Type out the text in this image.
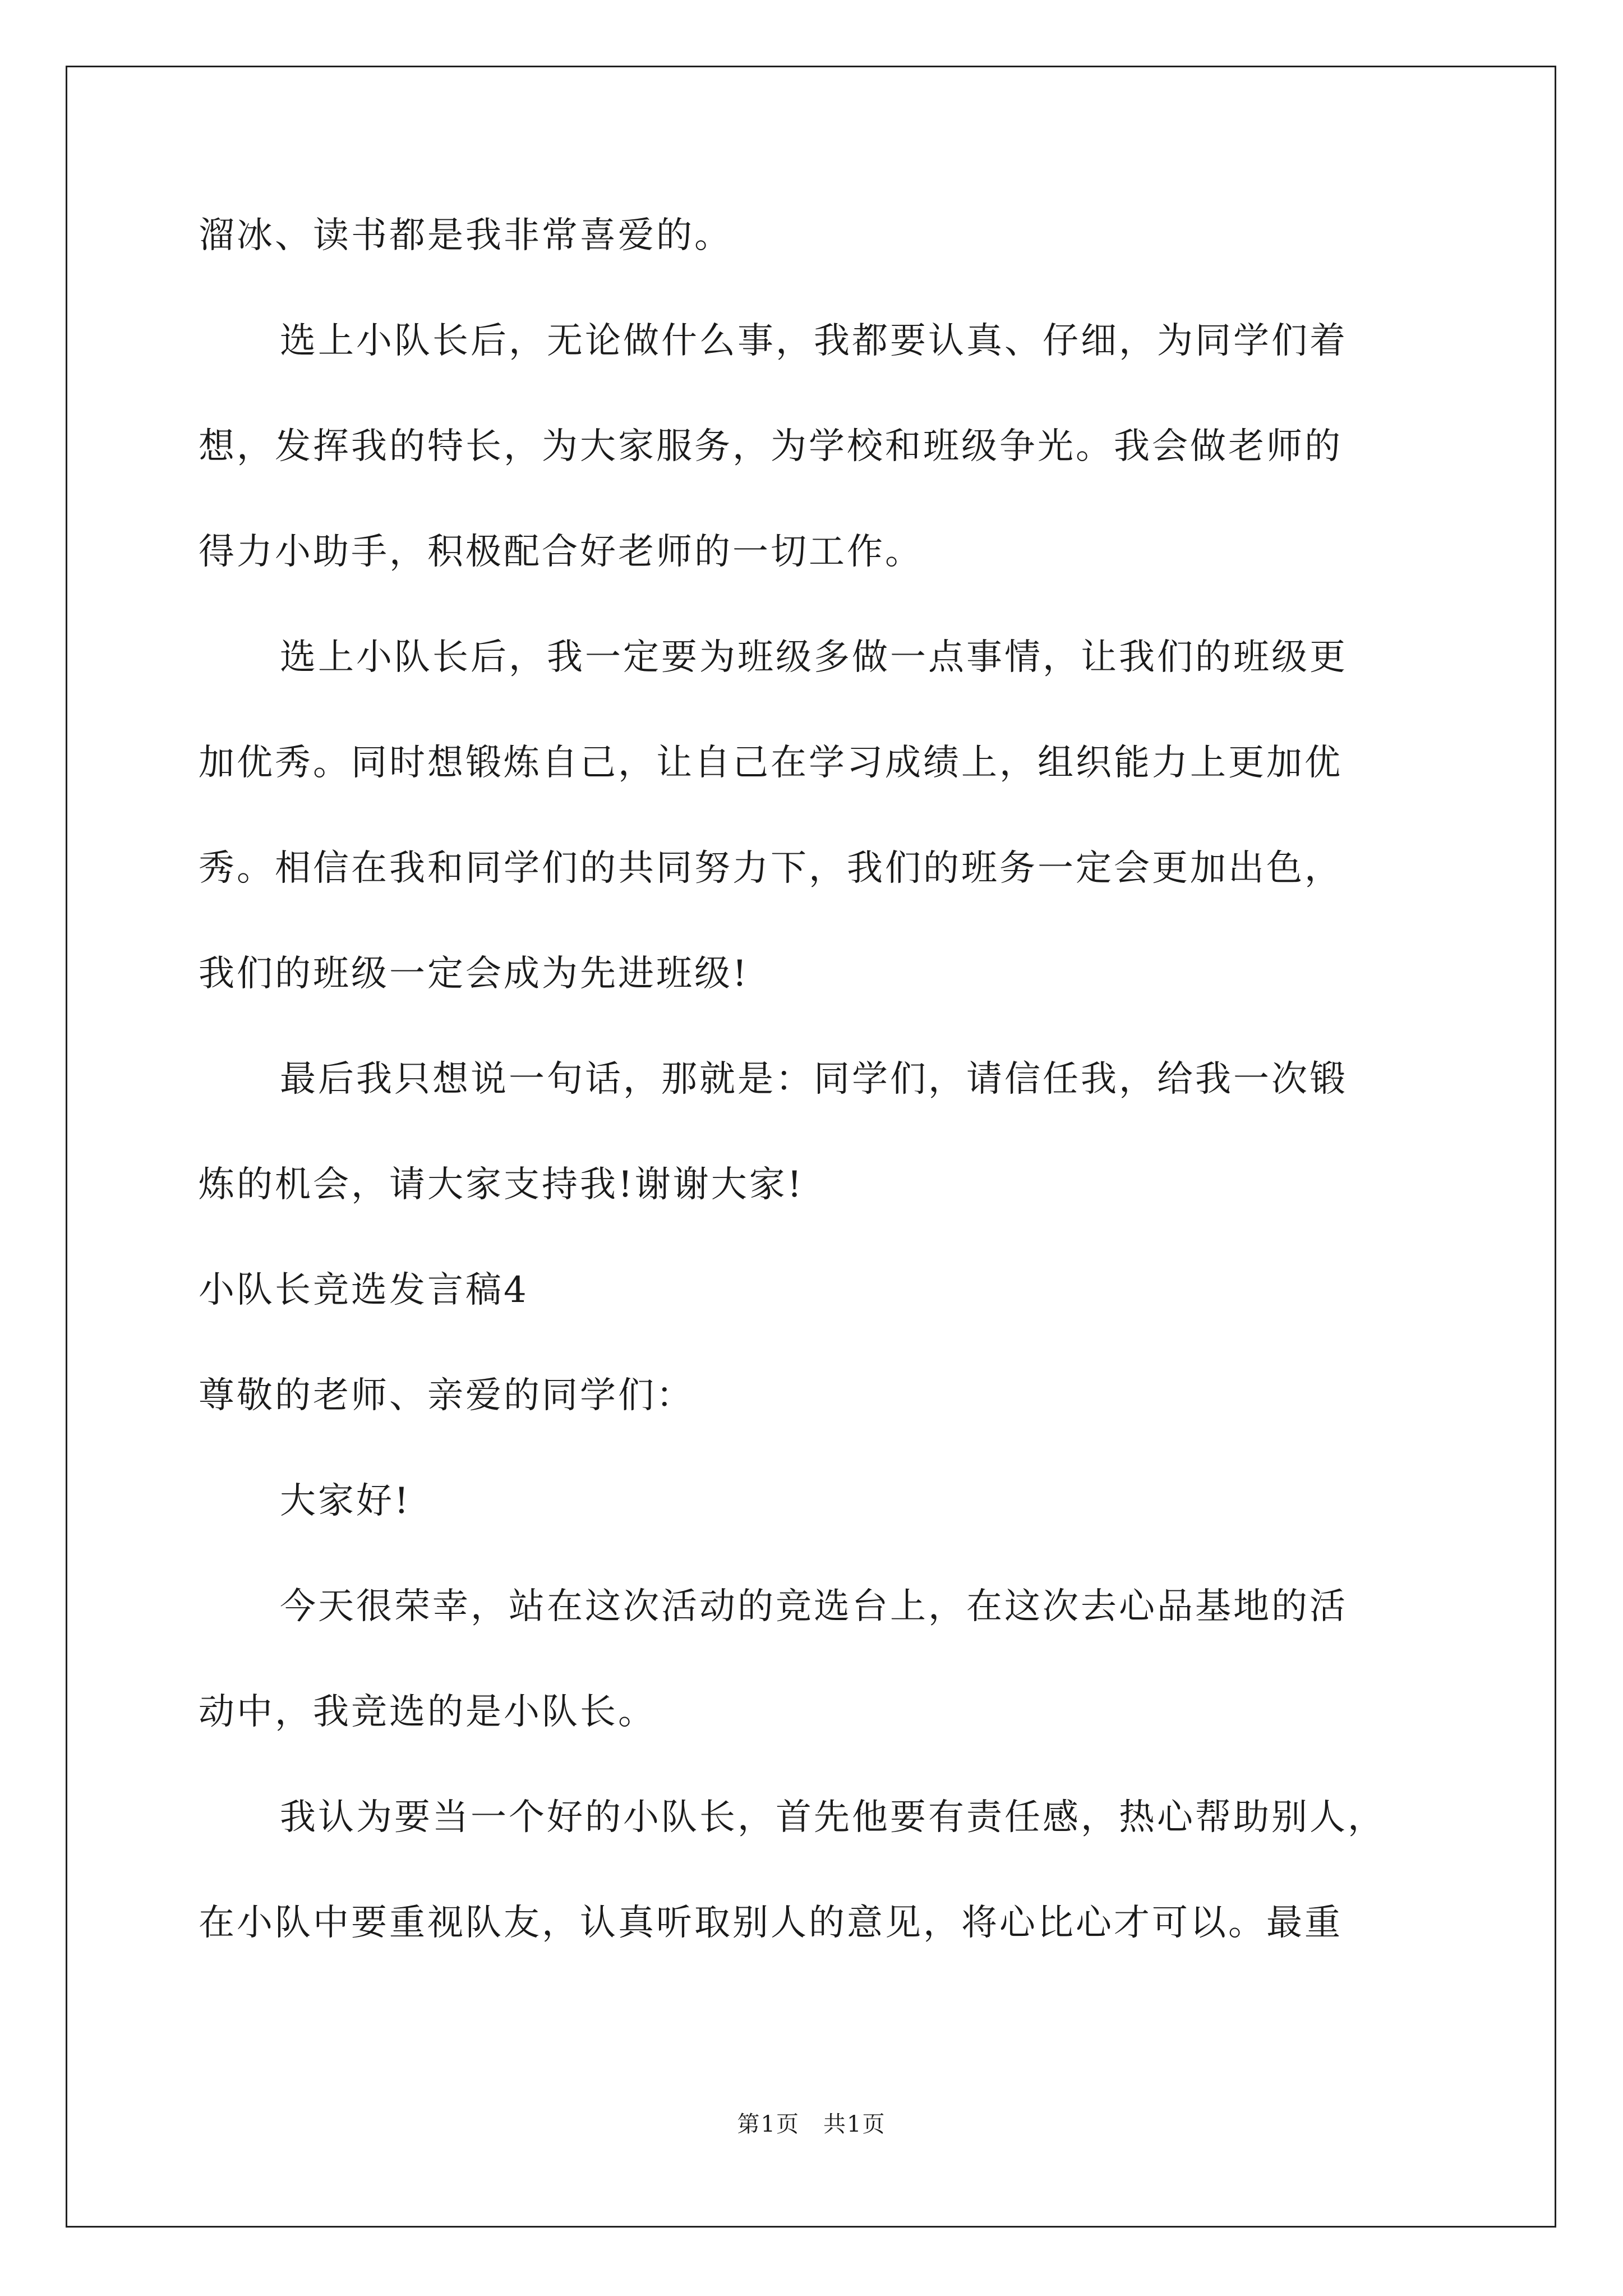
溜冰、读书都是我非常喜爱的。
选上小队长后，无论做什么事，我都要认真、仔细，为同学们着
想，发挥我的特长，为大家服务，为学校和班级争光。我会做老师的
得力小助手，积极配合好老师的一切工作。
选上小队长后，我一定要为班级多做一点事情，让我们的班级更
加优秀。同时想锻炼自己，让自己在学习成绩上，组织能力上更加优
秀。相信在我和同学们的共同努力下，我们的班务一定会更加出色，
我们的班级一定会成为先进班级!
最后我只想说一句话，那就是：同学们，请信任我，给我一次锻
炼的机会，请大家支持我!谢谢大家!
小队长竞选发言稿4
尊敬的老师、亲爱的同学们：
大家好!
今天很荣幸，站在这次活动的竞选台上，在这次去心品基地的活
动中，我竞选的是小队长。
我认为要当一个好的小队长，首先他要有责任感，热心帮助别人，
在小队中要重视队友，认真听取别人的意见，将心比心才可以。最重
第1页　共1页
